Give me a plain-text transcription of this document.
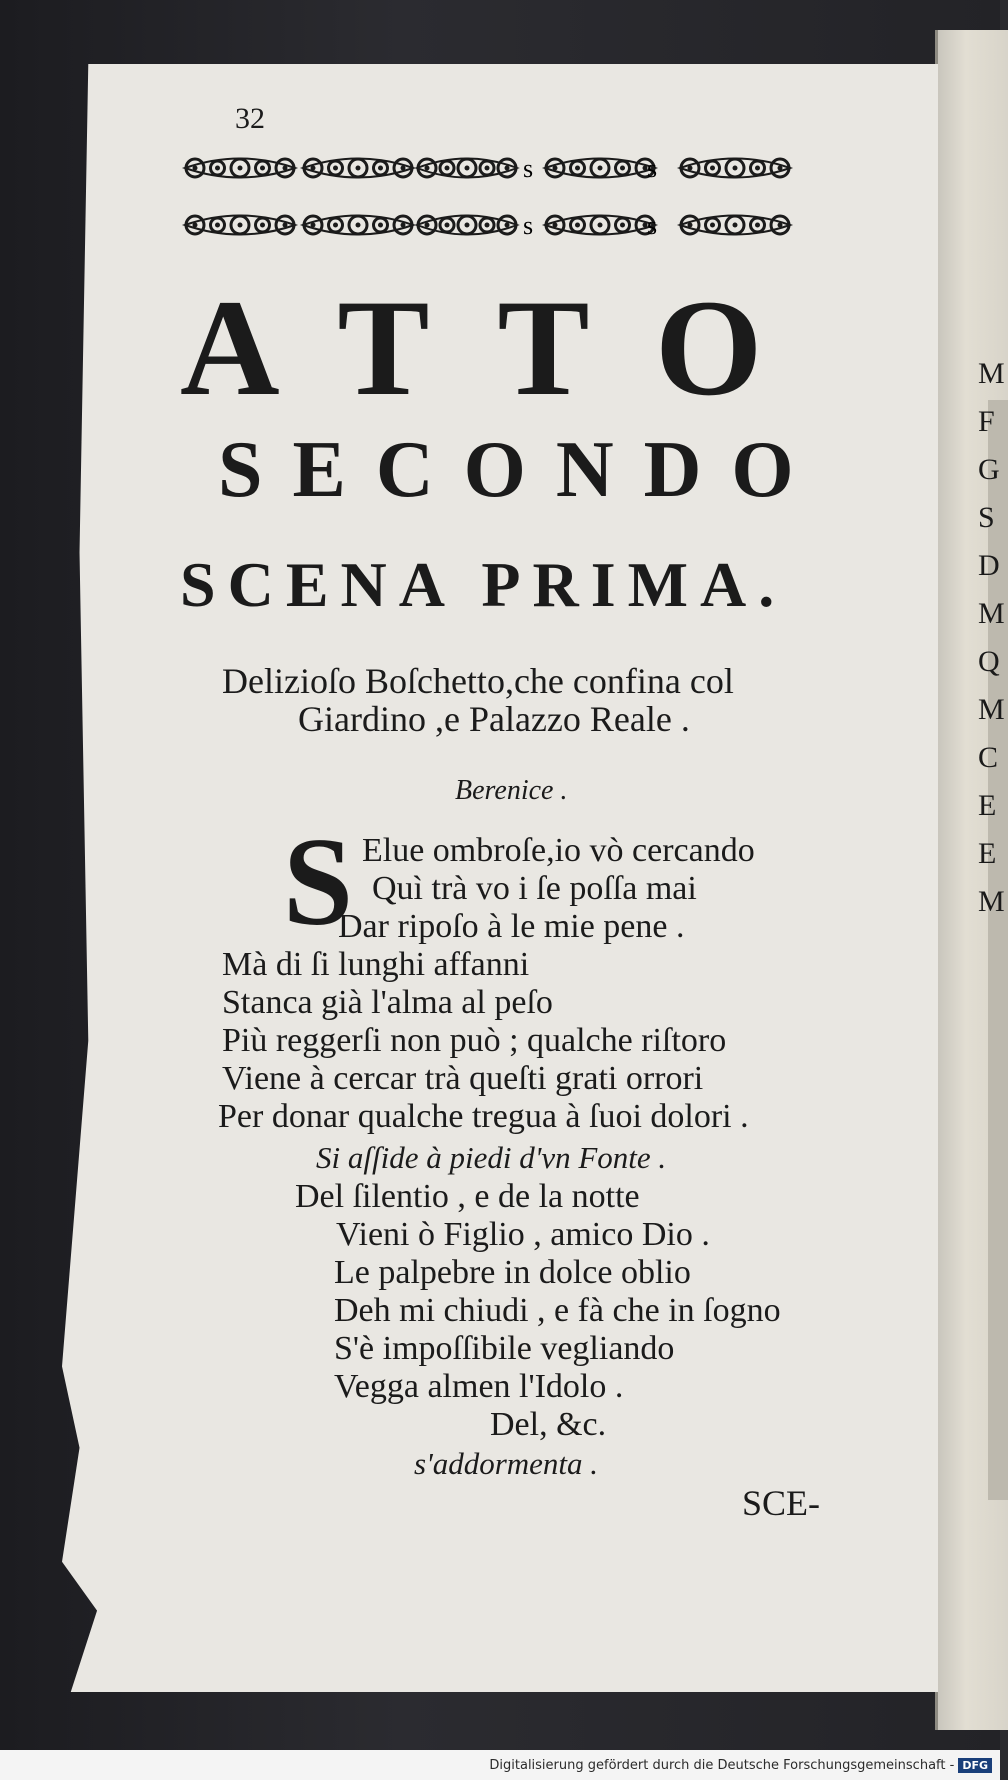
M
F
G
S
D
M
Q
M
C
E
E
M
32
s	s
s	s
ATTO
SECONDO
SCENA PRIMA.
Delizioſo Boſchetto,che confina col
Giardino ,e Palazzo Reale .
Berenice .
S Elue ombroſe,io vò cercando
Quì trà vo i ſe poſſa mai
Dar ripoſo à le mie pene .
Mà di ſi lunghi affanni
Stanca già l'alma al peſo
Più reggerſi non può ; qualche riſtoro
Viene à cercar trà queſti grati orrori
Per donar qualche tregua à ſuoi dolori .
Si aſſide à piedi d'vn Fonte .
Del ſilentio , e de la notte
Vieni ò Figlio , amico Dio .
Le palpebre in dolce oblio
Deh mi chiudi , e fà che in ſogno
S'è impoſſibile vegliando
Vegga almen l'Idolo .
Del, &c.
s'addormenta .
SCE-
Digitalisierung gefördert durch die Deutsche Forschungsgemeinschaft - DFG
